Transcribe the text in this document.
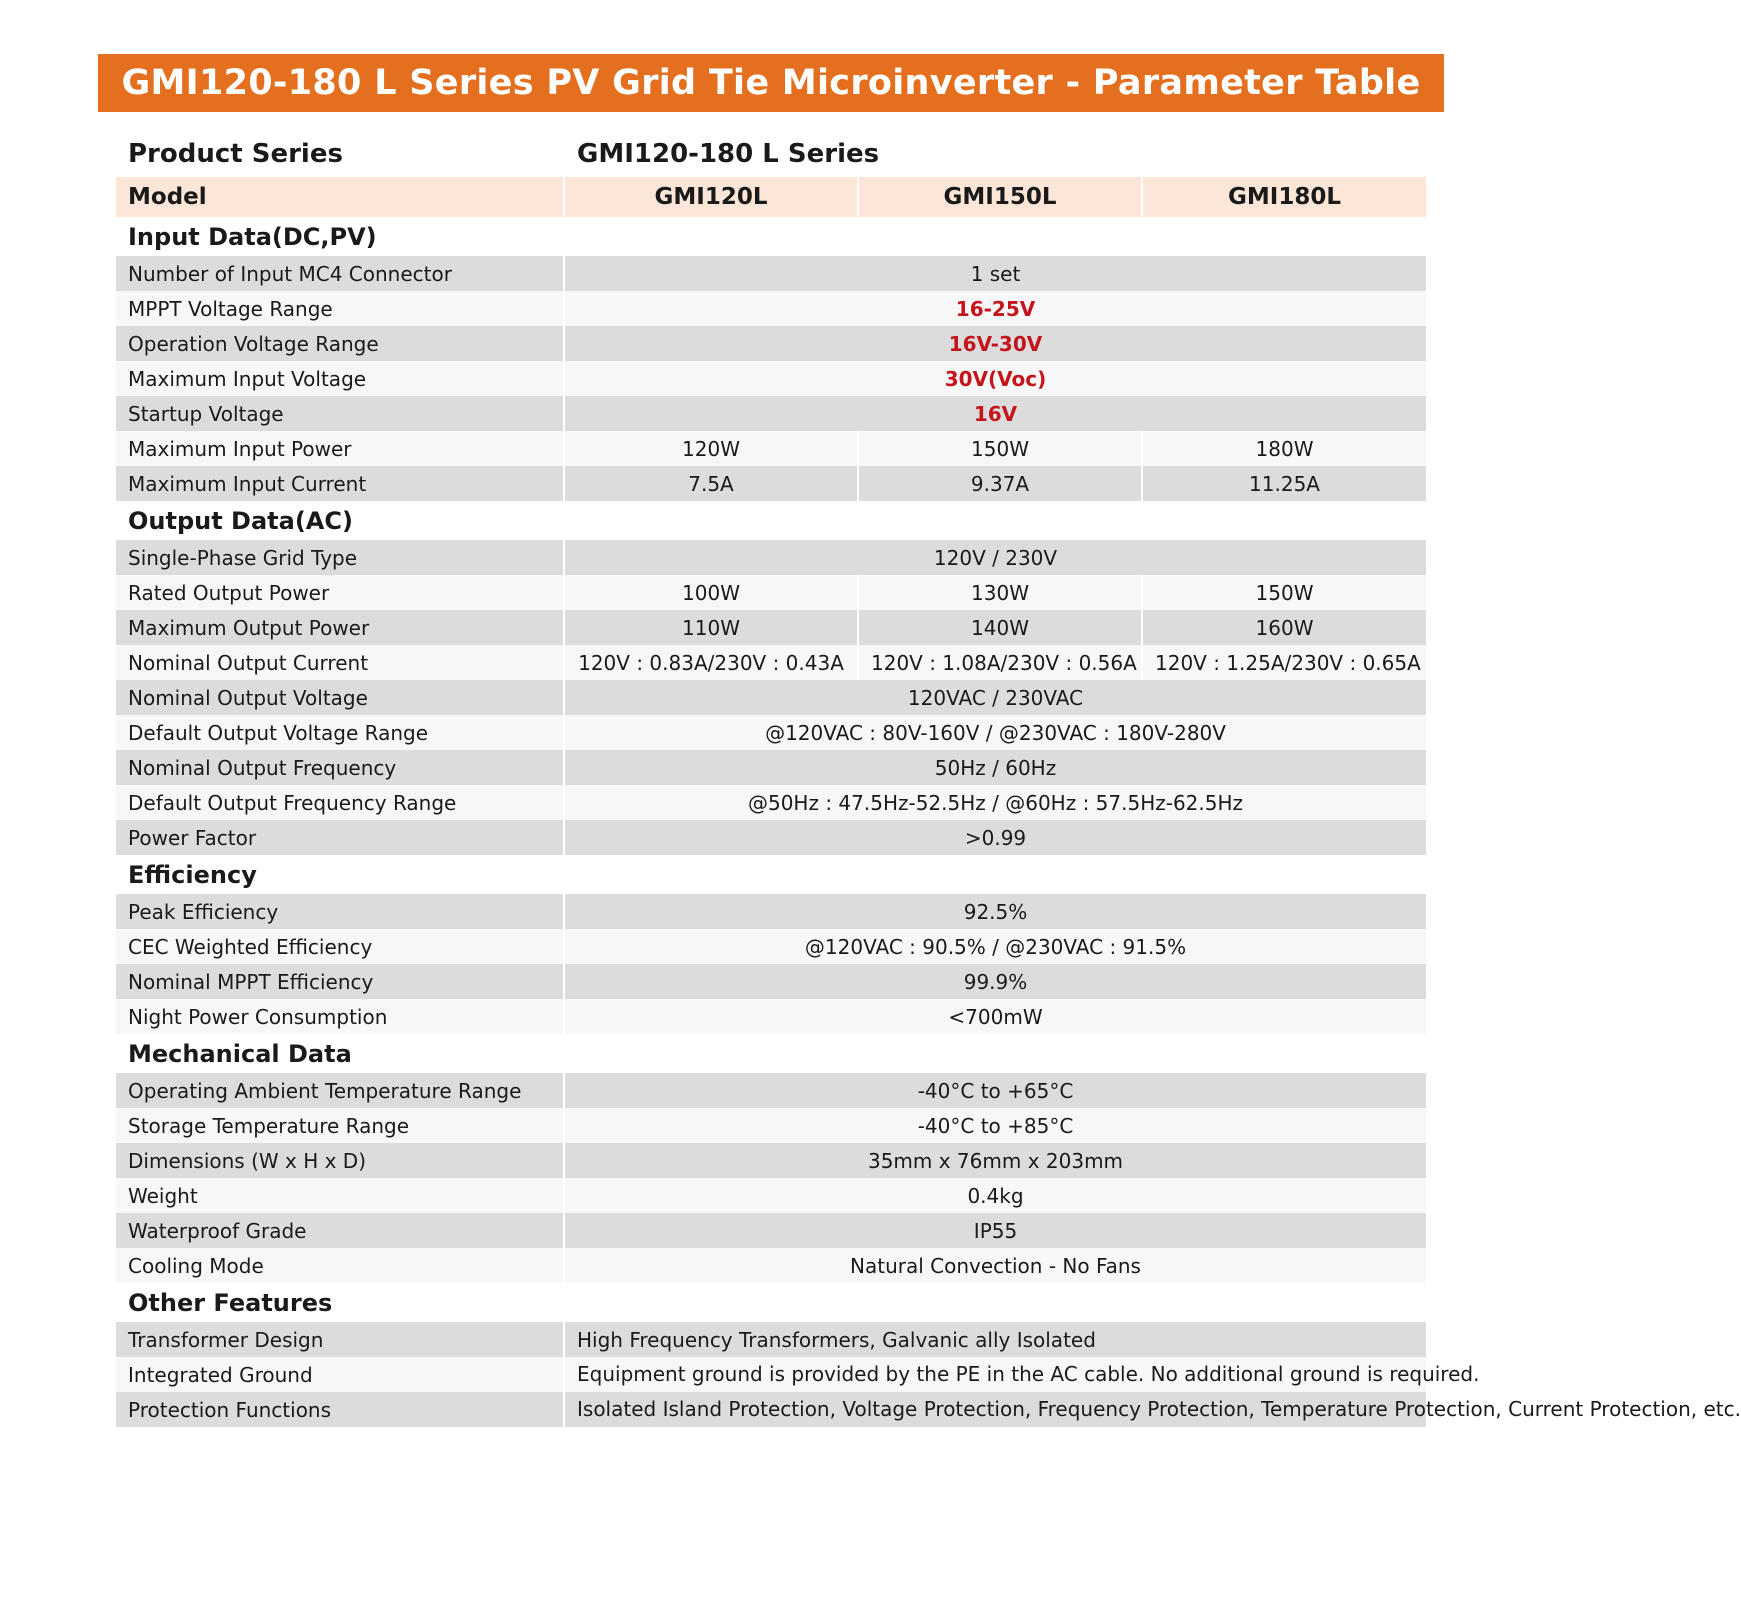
GMI120-180 L Series PV Grid Tie Microinverter - Parameter Table
Product Series	GMI120-180 L Series		
Model	GMI120L	GMI150L	GMI180L
Input Data(DC,PV)			
Number of Input MC4 Connector	1 set		
MPPT Voltage Range	16-25V		
Operation Voltage Range	16V-30V		
Maximum Input Voltage	30V(Voc)		
Startup Voltage	16V		
Maximum Input Power	120W	150W	180W
Maximum Input Current	7.5A	9.37A	11.25A
Output Data(AC)			
Single-Phase Grid Type	120V / 230V		
Rated Output Power	100W	130W	150W
Maximum Output Power	110W	140W	160W
Nominal Output Current	120V : 0.83A/230V : 0.43A	120V : 1.08A/230V : 0.56A	120V : 1.25A/230V : 0.65A
Nominal Output Voltage	120VAC / 230VAC		
Default Output Voltage Range	@120VAC : 80V-160V / @230VAC : 180V-280V		
Nominal Output Frequency	50Hz / 60Hz		
Default Output Frequency Range	@50Hz : 47.5Hz-52.5Hz / @60Hz : 57.5Hz-62.5Hz		
Power Factor	>0.99		
Efficiency			
Peak Efficiency	92.5%		
CEC Weighted Efficiency	@120VAC : 90.5% / @230VAC : 91.5%		
Nominal MPPT Efficiency	99.9%		
Night Power Consumption	<700mW		
Mechanical Data			
Operating Ambient Temperature Range	-40°C to +65°C		
Storage Temperature Range	-40°C to +85°C		
Dimensions (W x H x D)	35mm x 76mm x 203mm		
Weight	0.4kg		
Waterproof Grade	IP55		
Cooling Mode	Natural Convection - No Fans		
Other Features			
Transformer Design	High Frequency Transformers, Galvanic ally Isolated		
Integrated Ground	Equipment ground is provided by the PE in the AC cable. No additional ground is required.		
Protection Functions	Isolated Island Protection, Voltage Protection, Frequency Protection, Temperature Protection, Current Protection, etc.		
